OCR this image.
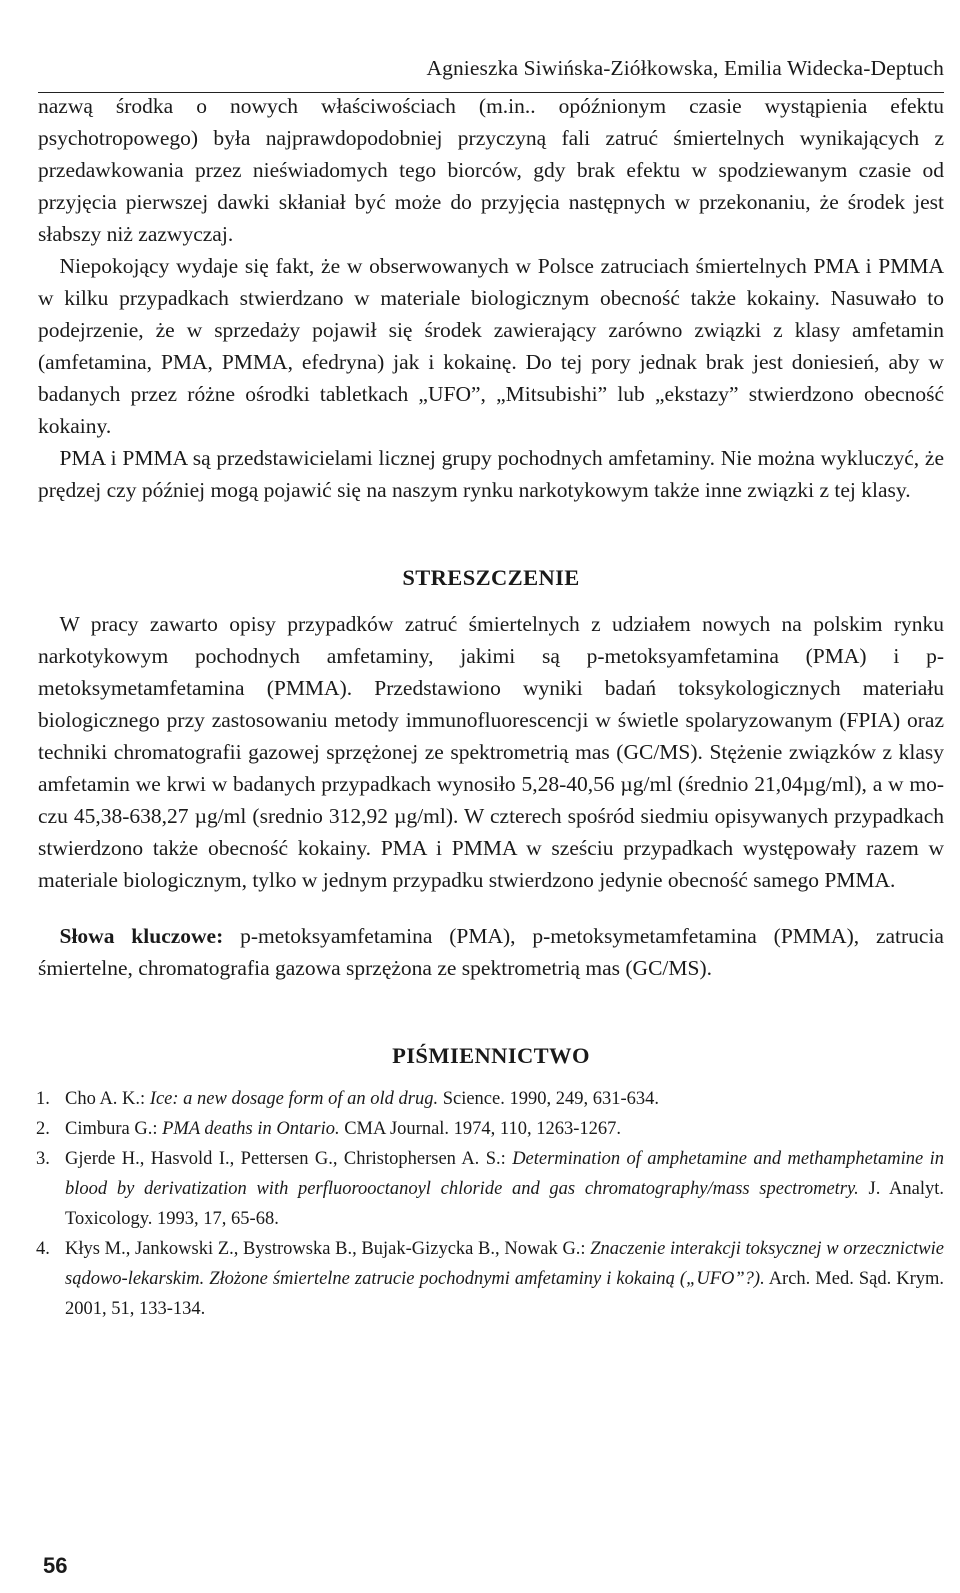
Agnieszka Siwińska-Ziółkowska, Emilia Widecka-Deptuch

nazwą środka o nowych właściwościach (m.in.. opóźnionym czasie wystąpienia efektu psychotropowego) była najprawdopodobniej przyczyną fali zatruć śmiertelnych wynikających z przedawkowania przez nieświadomych tego biorców, gdy brak efektu w spodziewanym czasie od przyjęcia pierwszej dawki skłaniał być może do przyjęcia następnych w przekonaniu, że środek jest słabszy niż zazwyczaj.

Niepokojący wydaje się fakt, że w obserwowanych w Polsce zatruciach śmiertelnych PMA i PMMA w kilku przypadkach stwierdzano w materiale biologicznym obecność także kokainy. Nasuwało to podejrzenie, że w sprzedaży pojawił się środek zawierający zarówno związki z klasy amfetamin (amfetamina, PMA, PMMA, efedryna) jak i kokainę. Do tej pory jednak brak jest doniesień, aby w badanych przez różne ośrodki tabletkach „UFO”, „Mitsubishi” lub „ekstazy” stwierdzono obecność kokainy.

PMA i PMMA są przedstawicielami licznej grupy pochodnych amfetaminy. Nie można wykluczyć, że prędzej czy później mogą pojawić się na naszym rynku narkotykowym także inne związki z tej klasy.

STRESZCZENIE

W pracy zawarto opisy przypadków zatruć śmiertelnych z udziałem nowych na polskim rynku narkotykowym pochodnych amfetaminy, jakimi są p-metoksyamfetamina (PMA) i p-metoksymetamfetamina (PMMA). Przedstawiono wyniki badań toksykologicznych materiału biologicznego przy zastosowaniu metody immunofluorescencji w świetle spolaryzowanym (FPIA) oraz techniki chromatografii gazowej sprzężonej ze spektrometrią mas (GC/MS). Stężenie związków z klasy amfetamin we krwi w badanych przypadkach wynosiło 5,28-40,56 µg/ml (średnio 21,04µg/ml), a w moczu 45,38-638,27 µg/ml (srednio 312,92 µg/ml). W czterech spośród siedmiu opisywanych przypadkach stwierdzono także obecność kokainy. PMA i PMMA w sześciu przypadkach występowały razem w materiale biologicznym, tylko w jednym przypadku stwierdzono jedynie obecność samego PMMA.

Słowa kluczowe: p-metoksyamfetamina (PMA), p-metoksymetamfetamina (PMMA), zatrucia śmiertelne, chromatografia gazowa sprzężona ze spektrometrią mas (GC/MS).

PIŚMIENNICTWO
1. Cho A. K.: Ice: a new dosage form of an old drug. Science. 1990, 249, 631-634.
2. Cimbura G.: PMA deaths in Ontario. CMA Journal. 1974, 110, 1263-1267.
3. Gjerde H., Hasvold I., Pettersen G., Christophersen A. S.: Determination of amphetamine and methamphetamine in blood by derivatization with perfluorooctanoyl chloride and gas chromatography/mass spectrometry. J. Analyt. Toxicology. 1993, 17, 65-68.
4. Kłys M., Jankowski Z., Bystrowska B., Bujak-Gizycka B., Nowak G.: Znaczenie interakcji toksycznej w orzecznictwie sądowo-lekarskim. Złożone śmiertelne zatrucie pochodnymi amfetaminy i kokainą („UFO”?). Arch. Med. Sąd. Krym. 2001, 51, 133-134.
56
